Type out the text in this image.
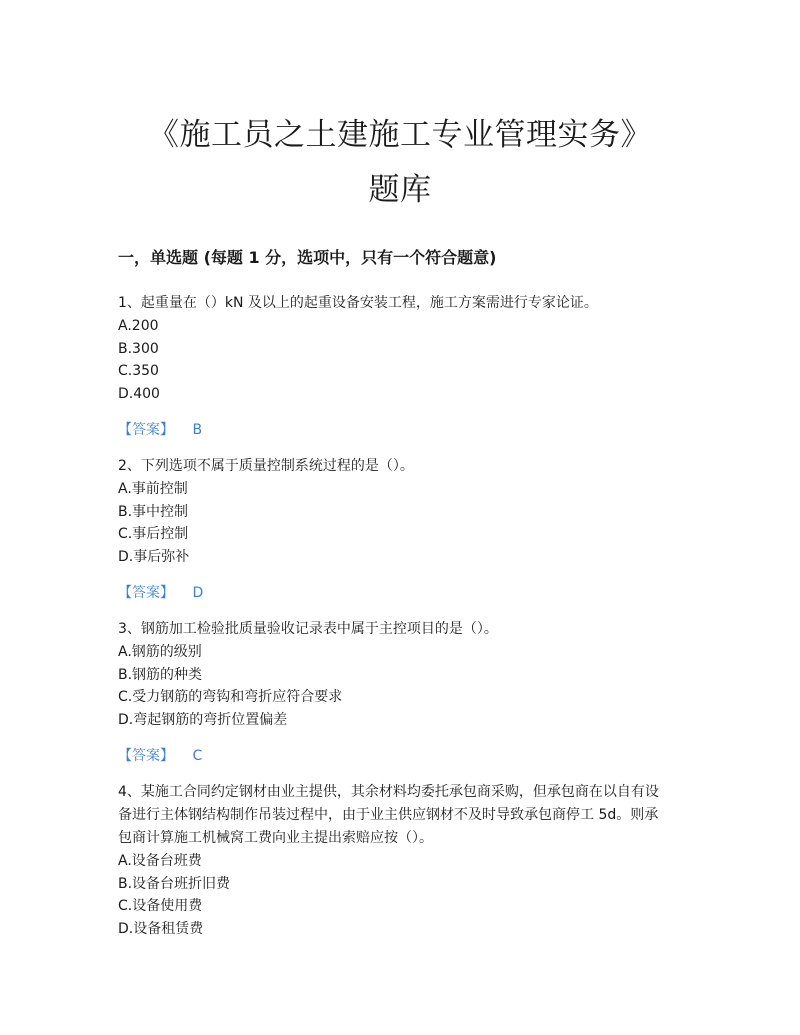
《施工员之土建施工专业管理实务》
题库
一，单选题 (每题 1 分，选项中，只有一个符合题意)

1、起重量在（）kN 及以上的起重设备安装工程，施工方案需进行专家论证。

A.200

B.300

C.350

D.400

【答案】 B

2、下列选项不属于质量控制系统过程的是（）。

A.事前控制

B.事中控制

C.事后控制

D.事后弥补

【答案】 D

3、钢筋加工检验批质量验收记录表中属于主控项目的是（）。

A.钢筋的级别

B.钢筋的种类

C.受力钢筋的弯钩和弯折应符合要求

D.弯起钢筋的弯折位置偏差

【答案】 C

4、某施工合同约定钢材由业主提供，其余材料均委托承包商采购，但承包商在以自有设

备进行主体钢结构制作吊装过程中，由于业主供应钢材不及时导致承包商停工 5d。则承

包商计算施工机械窝工费向业主提出索赔应按（）。

A.设备台班费

B.设备台班折旧费

C.设备使用费

D.设备租赁费
